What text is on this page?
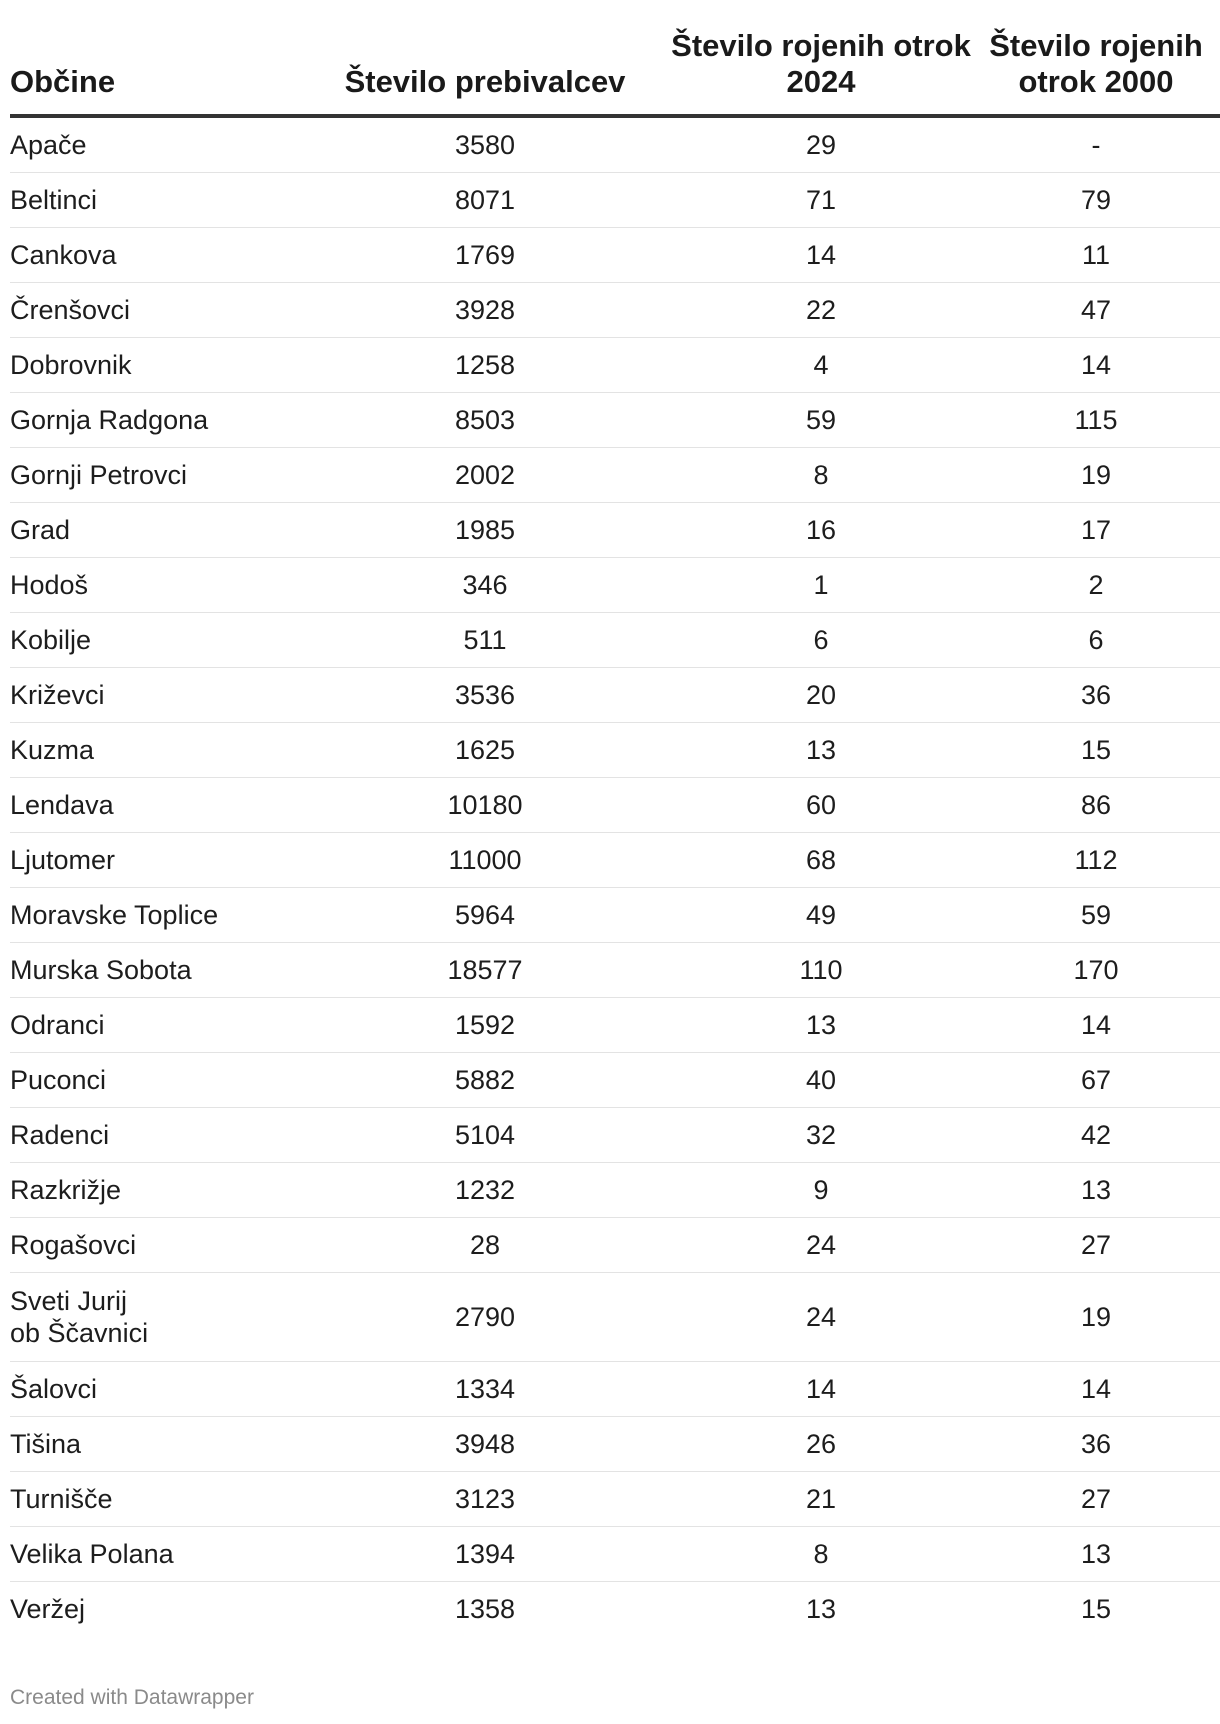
Občine	Število prebivalcev	Število rojenih otrok 2024	Število rojenih otrok 2000
Apače	3580	29	-
Beltinci	8071	71	79
Cankova	1769	14	11
Črenšovci	3928	22	47
Dobrovnik	1258	4	14
Gornja Radgona	8503	59	115
Gornji Petrovci	2002	8	19
Grad	1985	16	17
Hodoš	346	1	2
Kobilje	511	6	6
Križevci	3536	20	36
Kuzma	1625	13	15
Lendava	10180	60	86
Ljutomer	11000	68	112
Moravske Toplice	5964	49	59
Murska Sobota	18577	110	170
Odranci	1592	13	14
Puconci	5882	40	67
Radenci	5104	32	42
Razkrižje	1232	9	13
Rogašovci	28	24	27
Sveti Jurij ob Ščavnici	2790	24	19
Šalovci	1334	14	14
Tišina	3948	26	36
Turnišče	3123	21	27
Velika Polana	1394	8	13
Veržej	1358	13	15
Created with Datawrapper
